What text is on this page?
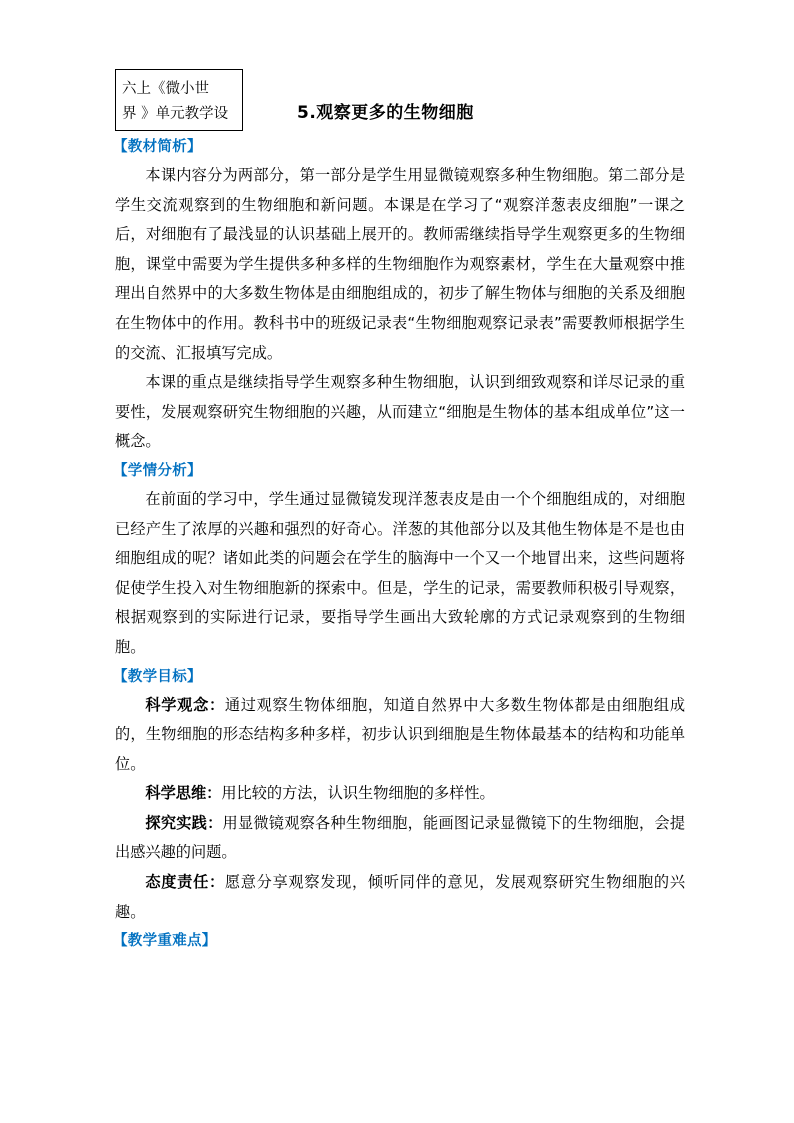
六上《微小世
界 》单元教学设	5.观察更多的生物细胞
【教材简析】

本课内容分为两部分，第一部分是学生用显微镜观察多种生物细胞。第二部分是学生交流观察到的生物细胞和新问题。本课是在学习了“观察洋葱表皮细胞”一课之后，对细胞有了最浅显的认识基础上展开的。教师需继续指导学生观察更多的生物细胞，课堂中需要为学生提供多种多样的生物细胞作为观察素材，学生在大量观察中推理出自然界中的大多数生物体是由细胞组成的，初步了解生物体与细胞的关系及细胞在生物体中的作用。教科书中的班级记录表“生物细胞观察记录表”需要教师根据学生的交流、汇报填写完成。

本课的重点是继续指导学生观察多种生物细胞，认识到细致观察和详尽记录的重要性，发展观察研究生物细胞的兴趣，从而建立“细胞是生物体的基本组成单位”这一概念。

【学情分析】

在前面的学习中，学生通过显微镜发现洋葱表皮是由一个个细胞组成的，对细胞已经产生了浓厚的兴趣和强烈的好奇心。洋葱的其他部分以及其他生物体是不是也由细胞组成的呢？诸如此类的问题会在学生的脑海中一个又一个地冒出来，这些问题将促使学生投入对生物细胞新的探索中。但是，学生的记录，需要教师积极引导观察，根据观察到的实际进行记录，要指导学生画出大致轮廓的方式记录观察到的生物细胞。

【教学目标】

科学观念：通过观察生物体细胞，知道自然界中大多数生物体都是由细胞组成的，生物细胞的形态结构多种多样，初步认识到细胞是生物体最基本的结构和功能单位。

科学思维：用比较的方法，认识生物细胞的多样性。

探究实践：用显微镜观察各种生物细胞，能画图记录显微镜下的生物细胞，会提出感兴趣的问题。

态度责任：愿意分享观察发现，倾听同伴的意见，发展观察研究生物细胞的兴趣。

【教学重难点】
